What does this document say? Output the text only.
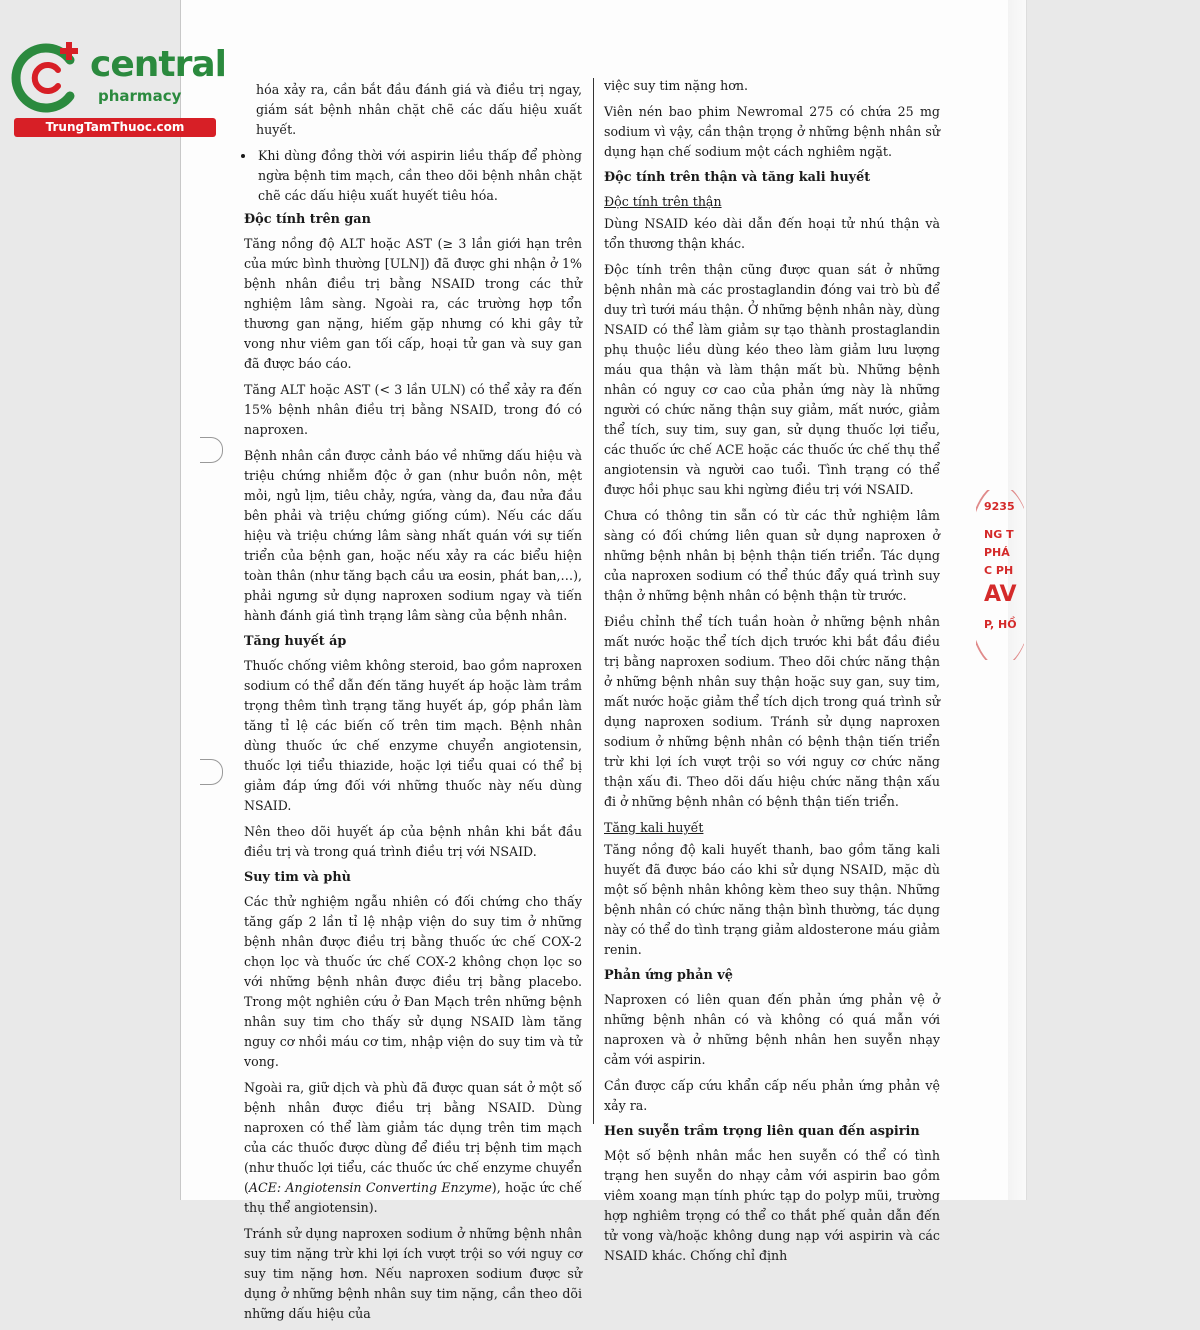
central
pharmacy
TrungTamThuoc.com

hóa xảy ra, cần bắt đầu đánh giá và điều trị ngay, giám sát bệnh nhân chặt chẽ các dấu hiệu xuất huyết.

• Khi dùng đồng thời với aspirin liều thấp để phòng ngừa bệnh tim mạch, cần theo dõi bệnh nhân chặt chẽ các dấu hiệu xuất huyết tiêu hóa.
Độc tính trên gan

Tăng nồng độ ALT hoặc AST (≥ 3 lần giới hạn trên của mức bình thường [ULN]) đã được ghi nhận ở 1% bệnh nhân điều trị bằng NSAID trong các thử nghiệm lâm sàng. Ngoài ra, các trường hợp tổn thương gan nặng, hiếm gặp nhưng có khi gây tử vong như viêm gan tối cấp, hoại tử gan và suy gan đã được báo cáo.

Tăng ALT hoặc AST (< 3 lần ULN) có thể xảy ra đến 15% bệnh nhân điều trị bằng NSAID, trong đó có naproxen.

Bệnh nhân cần được cảnh báo về những dấu hiệu và triệu chứng nhiễm độc ở gan (như buồn nôn, mệt mỏi, ngủ lịm, tiêu chảy, ngứa, vàng da, đau nửa đầu bên phải và triệu chứng giống cúm). Nếu các dấu hiệu và triệu chứng lâm sàng nhất quán với sự tiến triển của bệnh gan, hoặc nếu xảy ra các biểu hiện toàn thân (như tăng bạch cầu ưa eosin, phát ban,…), phải ngưng sử dụng naproxen sodium ngay và tiến hành đánh giá tình trạng lâm sàng của bệnh nhân.

Tăng huyết áp

Thuốc chống viêm không steroid, bao gồm naproxen sodium có thể dẫn đến tăng huyết áp hoặc làm trầm trọng thêm tình trạng tăng huyết áp, góp phần làm tăng tỉ lệ các biến cố trên tim mạch. Bệnh nhân dùng thuốc ức chế enzyme chuyển angiotensin, thuốc lợi tiểu thiazide, hoặc lợi tiểu quai có thể bị giảm đáp ứng đối với những thuốc này nếu dùng NSAID.

Nên theo dõi huyết áp của bệnh nhân khi bắt đầu điều trị và trong quá trình điều trị với NSAID.

Suy tim và phù

Các thử nghiệm ngẫu nhiên có đối chứng cho thấy tăng gấp 2 lần tỉ lệ nhập viện do suy tim ở những bệnh nhân được điều trị bằng thuốc ức chế COX-2 chọn lọc và thuốc ức chế COX-2 không chọn lọc so với những bệnh nhân được điều trị bằng placebo. Trong một nghiên cứu ở Đan Mạch trên những bệnh nhân suy tim cho thấy sử dụng NSAID làm tăng nguy cơ nhồi máu cơ tim, nhập viện do suy tim và tử vong.

Ngoài ra, giữ dịch và phù đã được quan sát ở một số bệnh nhân được điều trị bằng NSAID. Dùng naproxen có thể làm giảm tác dụng trên tim mạch của các thuốc được dùng để điều trị bệnh tim mạch (như thuốc lợi tiểu, các thuốc ức chế enzyme chuyển (ACE: Angiotensin Converting Enzyme), hoặc ức chế thụ thể angiotensin).

Tránh sử dụng naproxen sodium ở những bệnh nhân suy tim nặng trừ khi lợi ích vượt trội so với nguy cơ suy tim nặng hơn. Nếu naproxen sodium được sử dụng ở những bệnh nhân suy tim nặng, cần theo dõi những dấu hiệu của

việc suy tim nặng hơn.

Viên nén bao phim Newromal 275 có chứa 25 mg sodium vì vậy, cần thận trọng ở những bệnh nhân sử dụng hạn chế sodium một cách nghiêm ngặt.

Độc tính trên thận và tăng kali huyết
Độc tính trên thận

Dùng NSAID kéo dài dẫn đến hoại tử nhú thận và tổn thương thận khác.

Độc tính trên thận cũng được quan sát ở những bệnh nhân mà các prostaglandin đóng vai trò bù để duy trì tưới máu thận. Ở những bệnh nhân này, dùng NSAID có thể làm giảm sự tạo thành prostaglandin phụ thuộc liều dùng kéo theo làm giảm lưu lượng máu qua thận và làm thận mất bù. Những bệnh nhân có nguy cơ cao của phản ứng này là những người có chức năng thận suy giảm, mất nước, giảm thể tích, suy tim, suy gan, sử dụng thuốc lợi tiểu, các thuốc ức chế ACE hoặc các thuốc ức chế thụ thể angiotensin và người cao tuổi. Tình trạng có thể được hồi phục sau khi ngừng điều trị với NSAID.

Chưa có thông tin sẵn có từ các thử nghiệm lâm sàng có đối chứng liên quan sử dụng naproxen ở những bệnh nhân bị bệnh thận tiến triển. Tác dụng của naproxen sodium có thể thúc đẩy quá trình suy thận ở những bệnh nhân có bệnh thận từ trước.

Điều chỉnh thể tích tuần hoàn ở những bệnh nhân mất nước hoặc thể tích dịch trước khi bắt đầu điều trị bằng naproxen sodium. Theo dõi chức năng thận ở những bệnh nhân suy thận hoặc suy gan, suy tim, mất nước hoặc giảm thể tích dịch trong quá trình sử dụng naproxen sodium. Tránh sử dụng naproxen sodium ở những bệnh nhân có bệnh thận tiến triển trừ khi lợi ích vượt trội so với nguy cơ chức năng thận xấu đi. Theo dõi dấu hiệu chức năng thận xấu đi ở những bệnh nhân có bệnh thận tiến triển.

Tăng kali huyết

Tăng nồng độ kali huyết thanh, bao gồm tăng kali huyết đã được báo cáo khi sử dụng NSAID, mặc dù một số bệnh nhân không kèm theo suy thận. Những bệnh nhân có chức năng thận bình thường, tác dụng này có thể do tình trạng giảm aldosterone máu giảm renin.

Phản ứng phản vệ

Naproxen có liên quan đến phản ứng phản vệ ở những bệnh nhân có và không có quá mẫn với naproxen và ở những bệnh nhân hen suyễn nhạy cảm với aspirin.

Cần được cấp cứu khẩn cấp nếu phản ứng phản vệ xảy ra.

Hen suyễn trầm trọng liên quan đến aspirin

Một số bệnh nhân mắc hen suyễn có thể có tình trạng hen suyễn do nhạy cảm với aspirin bao gồm viêm xoang mạn tính phức tạp do polyp mũi, trường hợp nghiêm trọng có thể co thắt phế quản dẫn đến tử vong và/hoặc không dung nạp với aspirin và các NSAID khác. Chống chỉ định

9235
NG T
PHÁ
C PH
AV
P, HỒ
